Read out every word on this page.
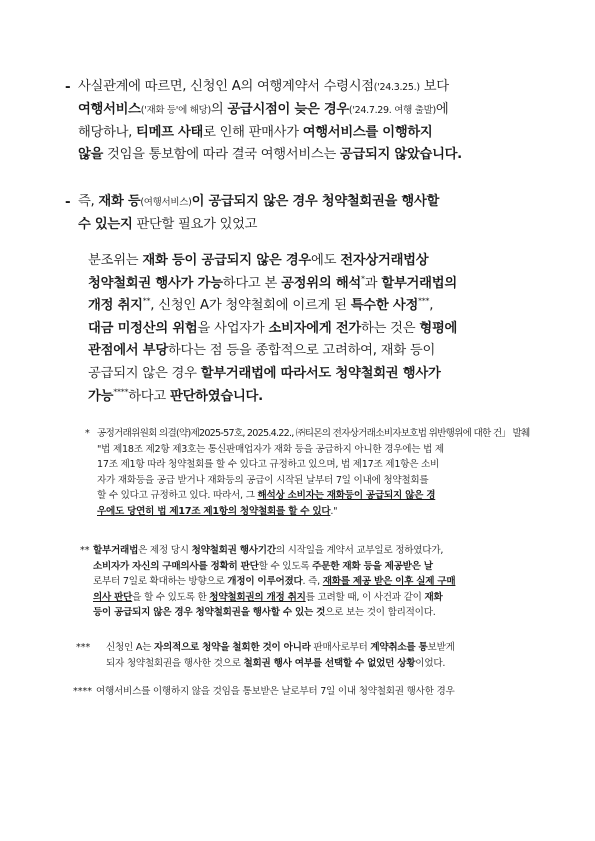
- 사실관계에 따르면, 신청인 A의 여행계약서 수령시점('24.3.25.) 보다
여행서비스('재화 등'에 해당)의 공급시점이 늦은 경우('24.7.29. 여행 출발)에
해당하나, 티메프 사태로 인해 판매사가 여행서비스를 이행하지
않을 것임을 통보함에 따라 결국 여행서비스는 공급되지 않았습니다.
- 즉, 재화 등(여행서비스)이 공급되지 않은 경우 청약철회권을 행사할
수 있는지 판단할 필요가 있었고
분조위는 재화 등이 공급되지 않은 경우에도 전자상거래법상
청약철회권 행사가 가능하다고 본 공정위의 해석*과 할부거래법의
개정 취지**, 신청인 A가 청약철회에 이르게 된 특수한 사정***,
대금 미정산의 위험을 사업자가 소비자에게 전가하는 것은 형평에
관점에서 부당하다는 점 등을 종합적으로 고려하여, 재화 등이
공급되지 않은 경우 할부거래법에 따라서도 청약철회권 행사가
가능****하다고 판단하였습니다.
* 공정거래위원회 의결(약)제2025-57호, 2025.4.22., ㈜티몬의 전자상거래소비자보호법 위반행위에 대한 건」 발췌
"법 제18조 제2항 제3호는 통신판매업자가 재화 등을 공급하지 아니한 경우에는 법 제
17조 제1항 따라 청약철회를 할 수 있다고 규정하고 있으며, 법 제17조 제1항은 소비
자가 재화등을 공급 받거나 재화등의 공급이 시작된 날부터 7일 이내에 청약철회를
할 수 있다고 규정하고 있다. 따라서, 그 해석상 소비자는 재화등이 공급되지 않은 경
우에도 당연히 법 제17조 제1항의 청약철회를 할 수 있다."
** 할부거래법은 제정 당시 청약철회권 행사기간의 시작일을 계약서 교부일로 정하였다가,
소비자가 자신의 구매의사를 정확히 판단할 수 있도록 주문한 재화 등을 제공받은 날
로부터 7일로 확대하는 방향으로 개정이 이루어졌다. 즉, 재화를 제공 받은 이후 실제 구매
의사 판단을 할 수 있도록 한 청약철회권의 개정 취지를 고려할 때, 이 사건과 같이 재화
등이 공급되지 않은 경우 청약철회권을 행사할 수 있는 것으로 보는 것이 합리적이다.
*** 신청인 A는 자의적으로 청약을 철회한 것이 아니라 판매사로부터 계약취소를 통보받게
되자 청약철회권을 행사한 것으로 철회권 행사 여부를 선택할 수 없었던 상황이었다.
**** 여행서비스를 이행하지 않을 것임을 통보받은 날로부터 7일 이내 청약철회권 행사한 경우
